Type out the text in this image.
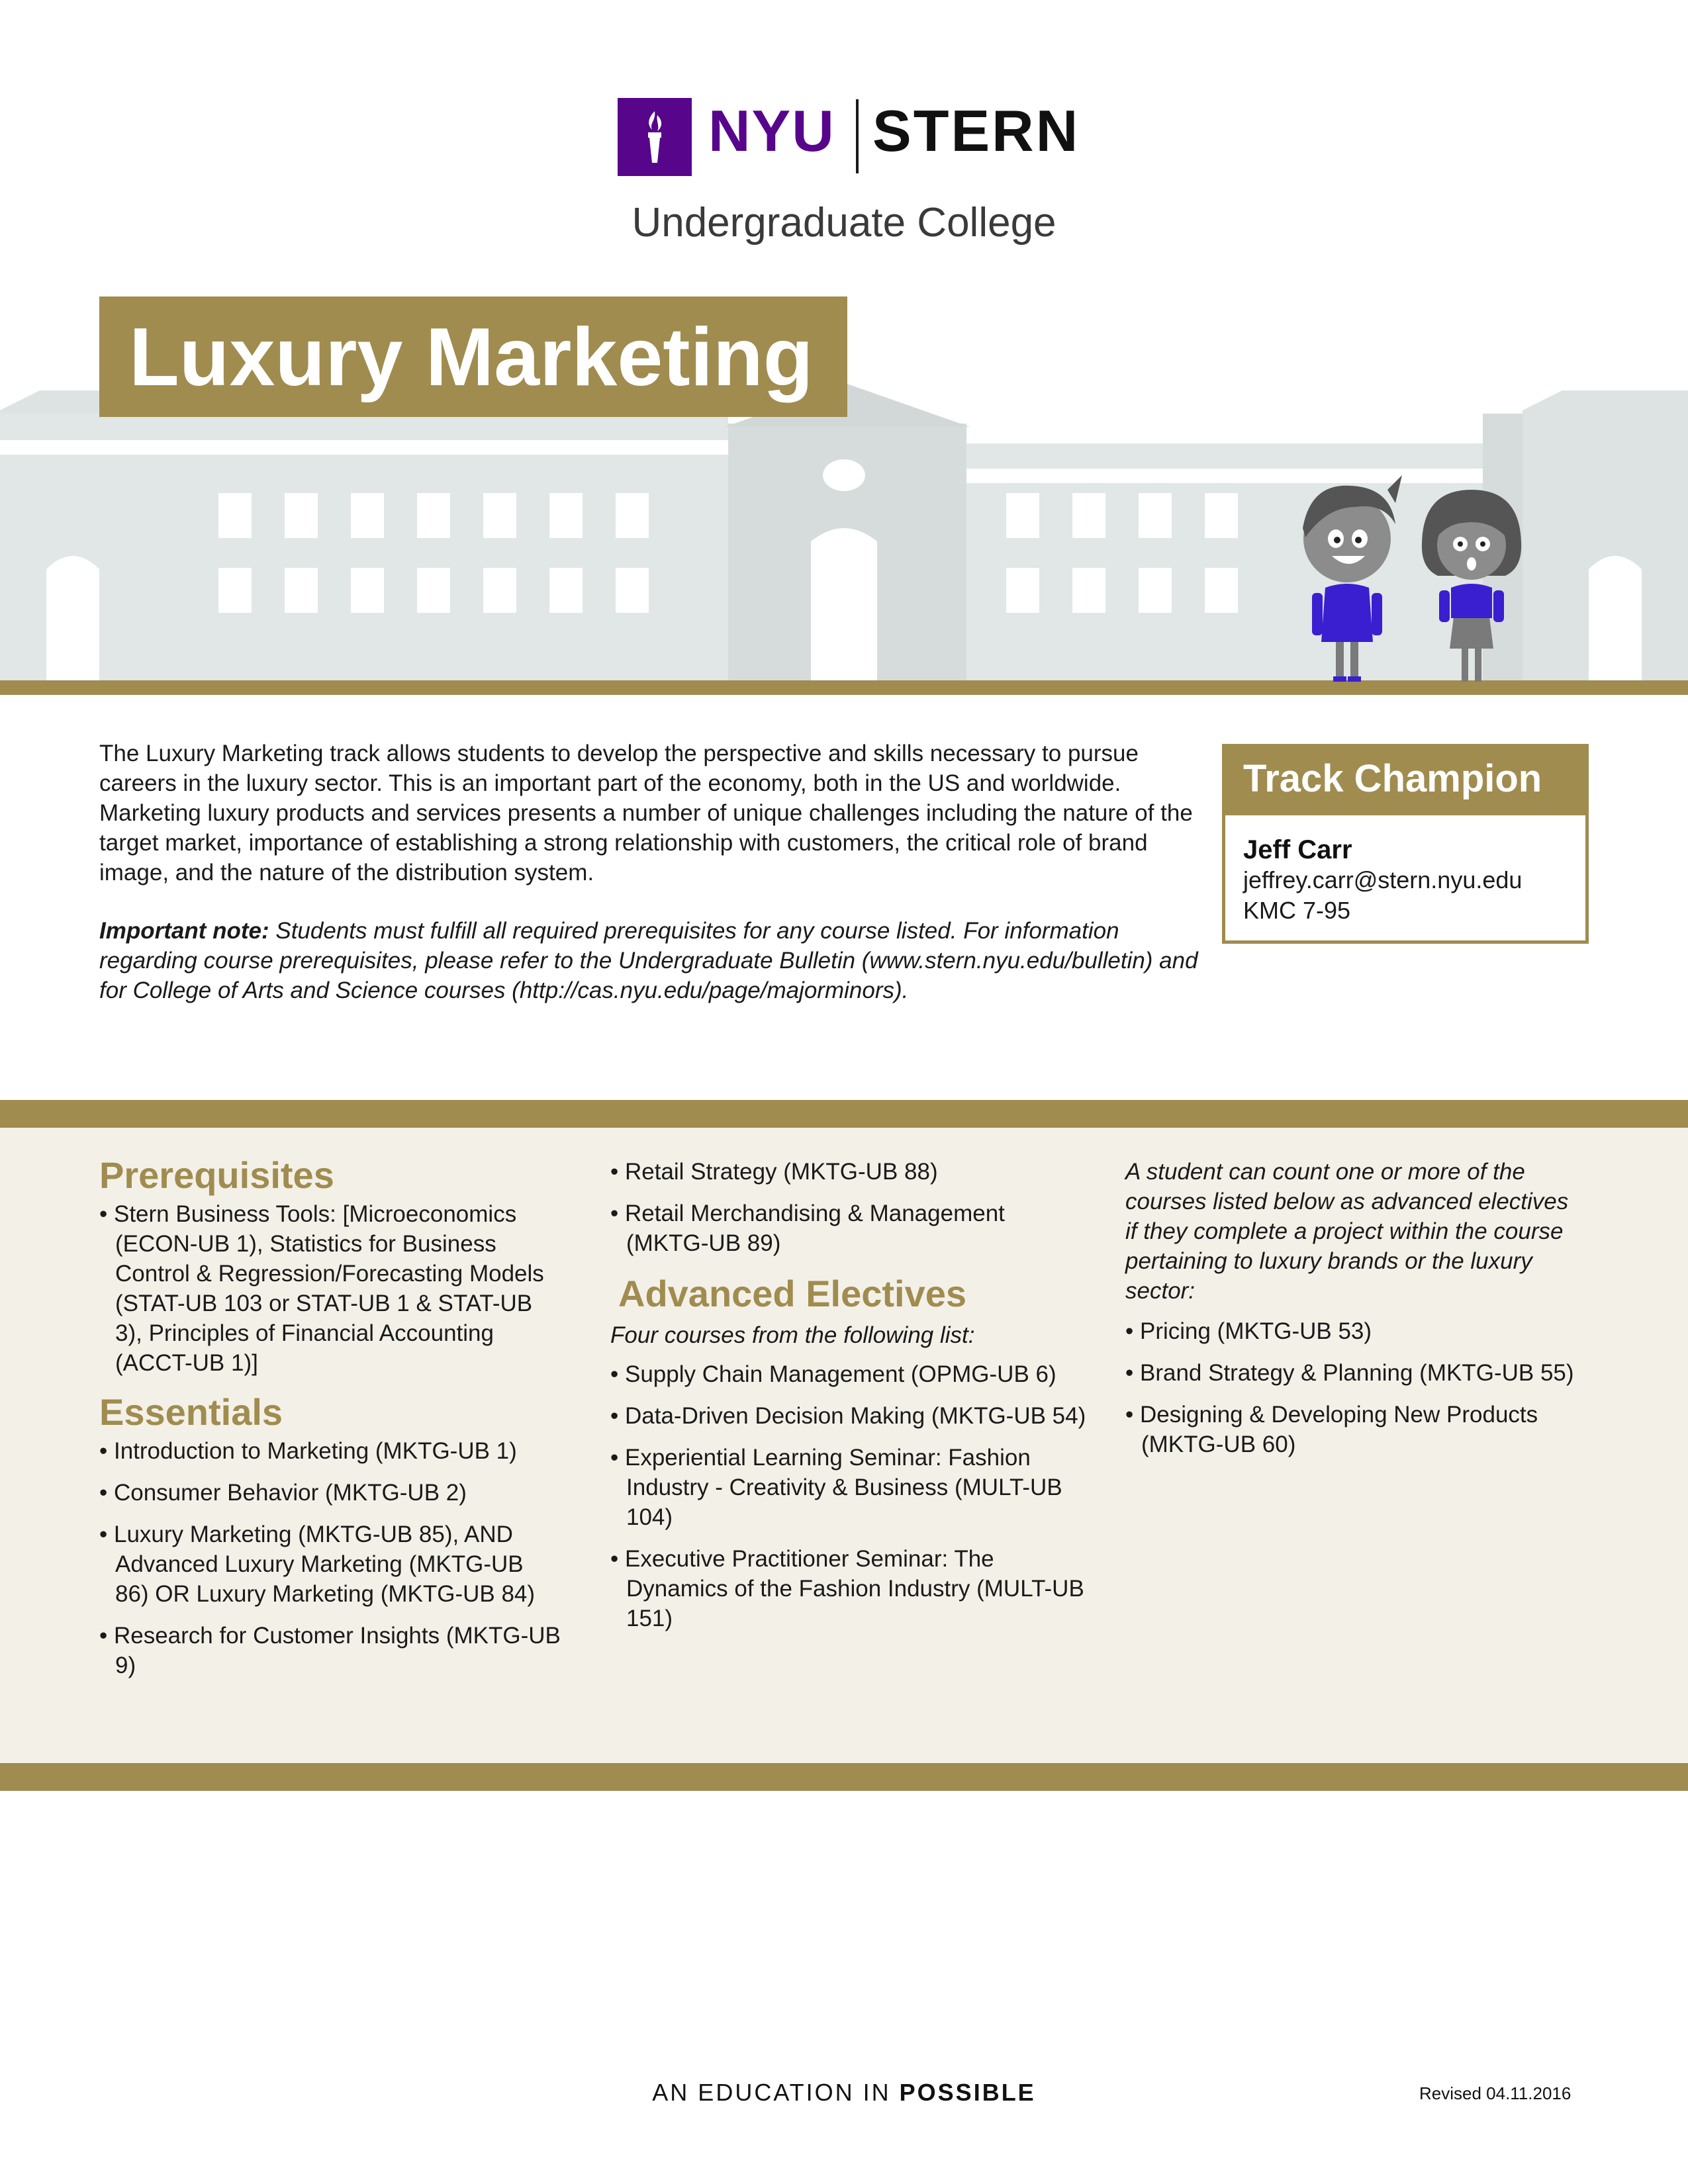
NYU STERN
Undergraduate College
Luxury Marketing
The Luxury Marketing track allows students to develop the perspective and skills necessary to pursue careers in the luxury sector. This is an important part of the economy, both in the US and worldwide. Marketing luxury products and services presents a number of unique challenges including the nature of the target market, importance of establishing a strong relationship with customers, the critical role of brand image, and the nature of the distribution system.
Important note: Students must fulfill all required prerequisites for any course listed. For information regarding course prerequisites, please refer to the Undergraduate Bulletin (www.stern.nyu.edu/bulletin) and for College of Arts and Science courses (http://cas.nyu.edu/page/majorminors).
Track Champion
Jeff Carr
jeffrey.carr@stern.nyu.edu
KMC 7-95
Prerequisites
• Stern Business Tools: [Microeconomics (ECON-UB 1), Statistics for Business Control & Regression/Forecasting Models (STAT-UB 103 or STAT-UB 1 & STAT-UB 3), Principles of Financial Accounting (ACCT-UB 1)]
Essentials
• Introduction to Marketing (MKTG-UB 1)
• Consumer Behavior (MKTG-UB 2)
• Luxury Marketing (MKTG-UB 85), AND Advanced Luxury Marketing (MKTG-UB 86) OR Luxury Marketing (MKTG-UB 84)
• Research for Customer Insights (MKTG-UB 9)
• Retail Strategy (MKTG-UB 88)
• Retail Merchandising & Management (MKTG-UB 89)
Advanced Electives
Four courses from the following list:
• Supply Chain Management (OPMG-UB 6)
• Data-Driven Decision Making (MKTG-UB 54)
• Experiential Learning Seminar: Fashion Industry - Creativity & Business (MULT-UB 104)
• Executive Practitioner Seminar: The Dynamics of the Fashion Industry (MULT-UB 151)
A student can count one or more of the courses listed below as advanced electives if they complete a project within the course pertaining to luxury brands or the luxury sector:
• Pricing (MKTG-UB 53)
• Brand Strategy & Planning (MKTG-UB 55)
• Designing & Developing New Products (MKTG-UB 60)
AN EDUCATION IN POSSIBLE	Revised 04.11.2016
